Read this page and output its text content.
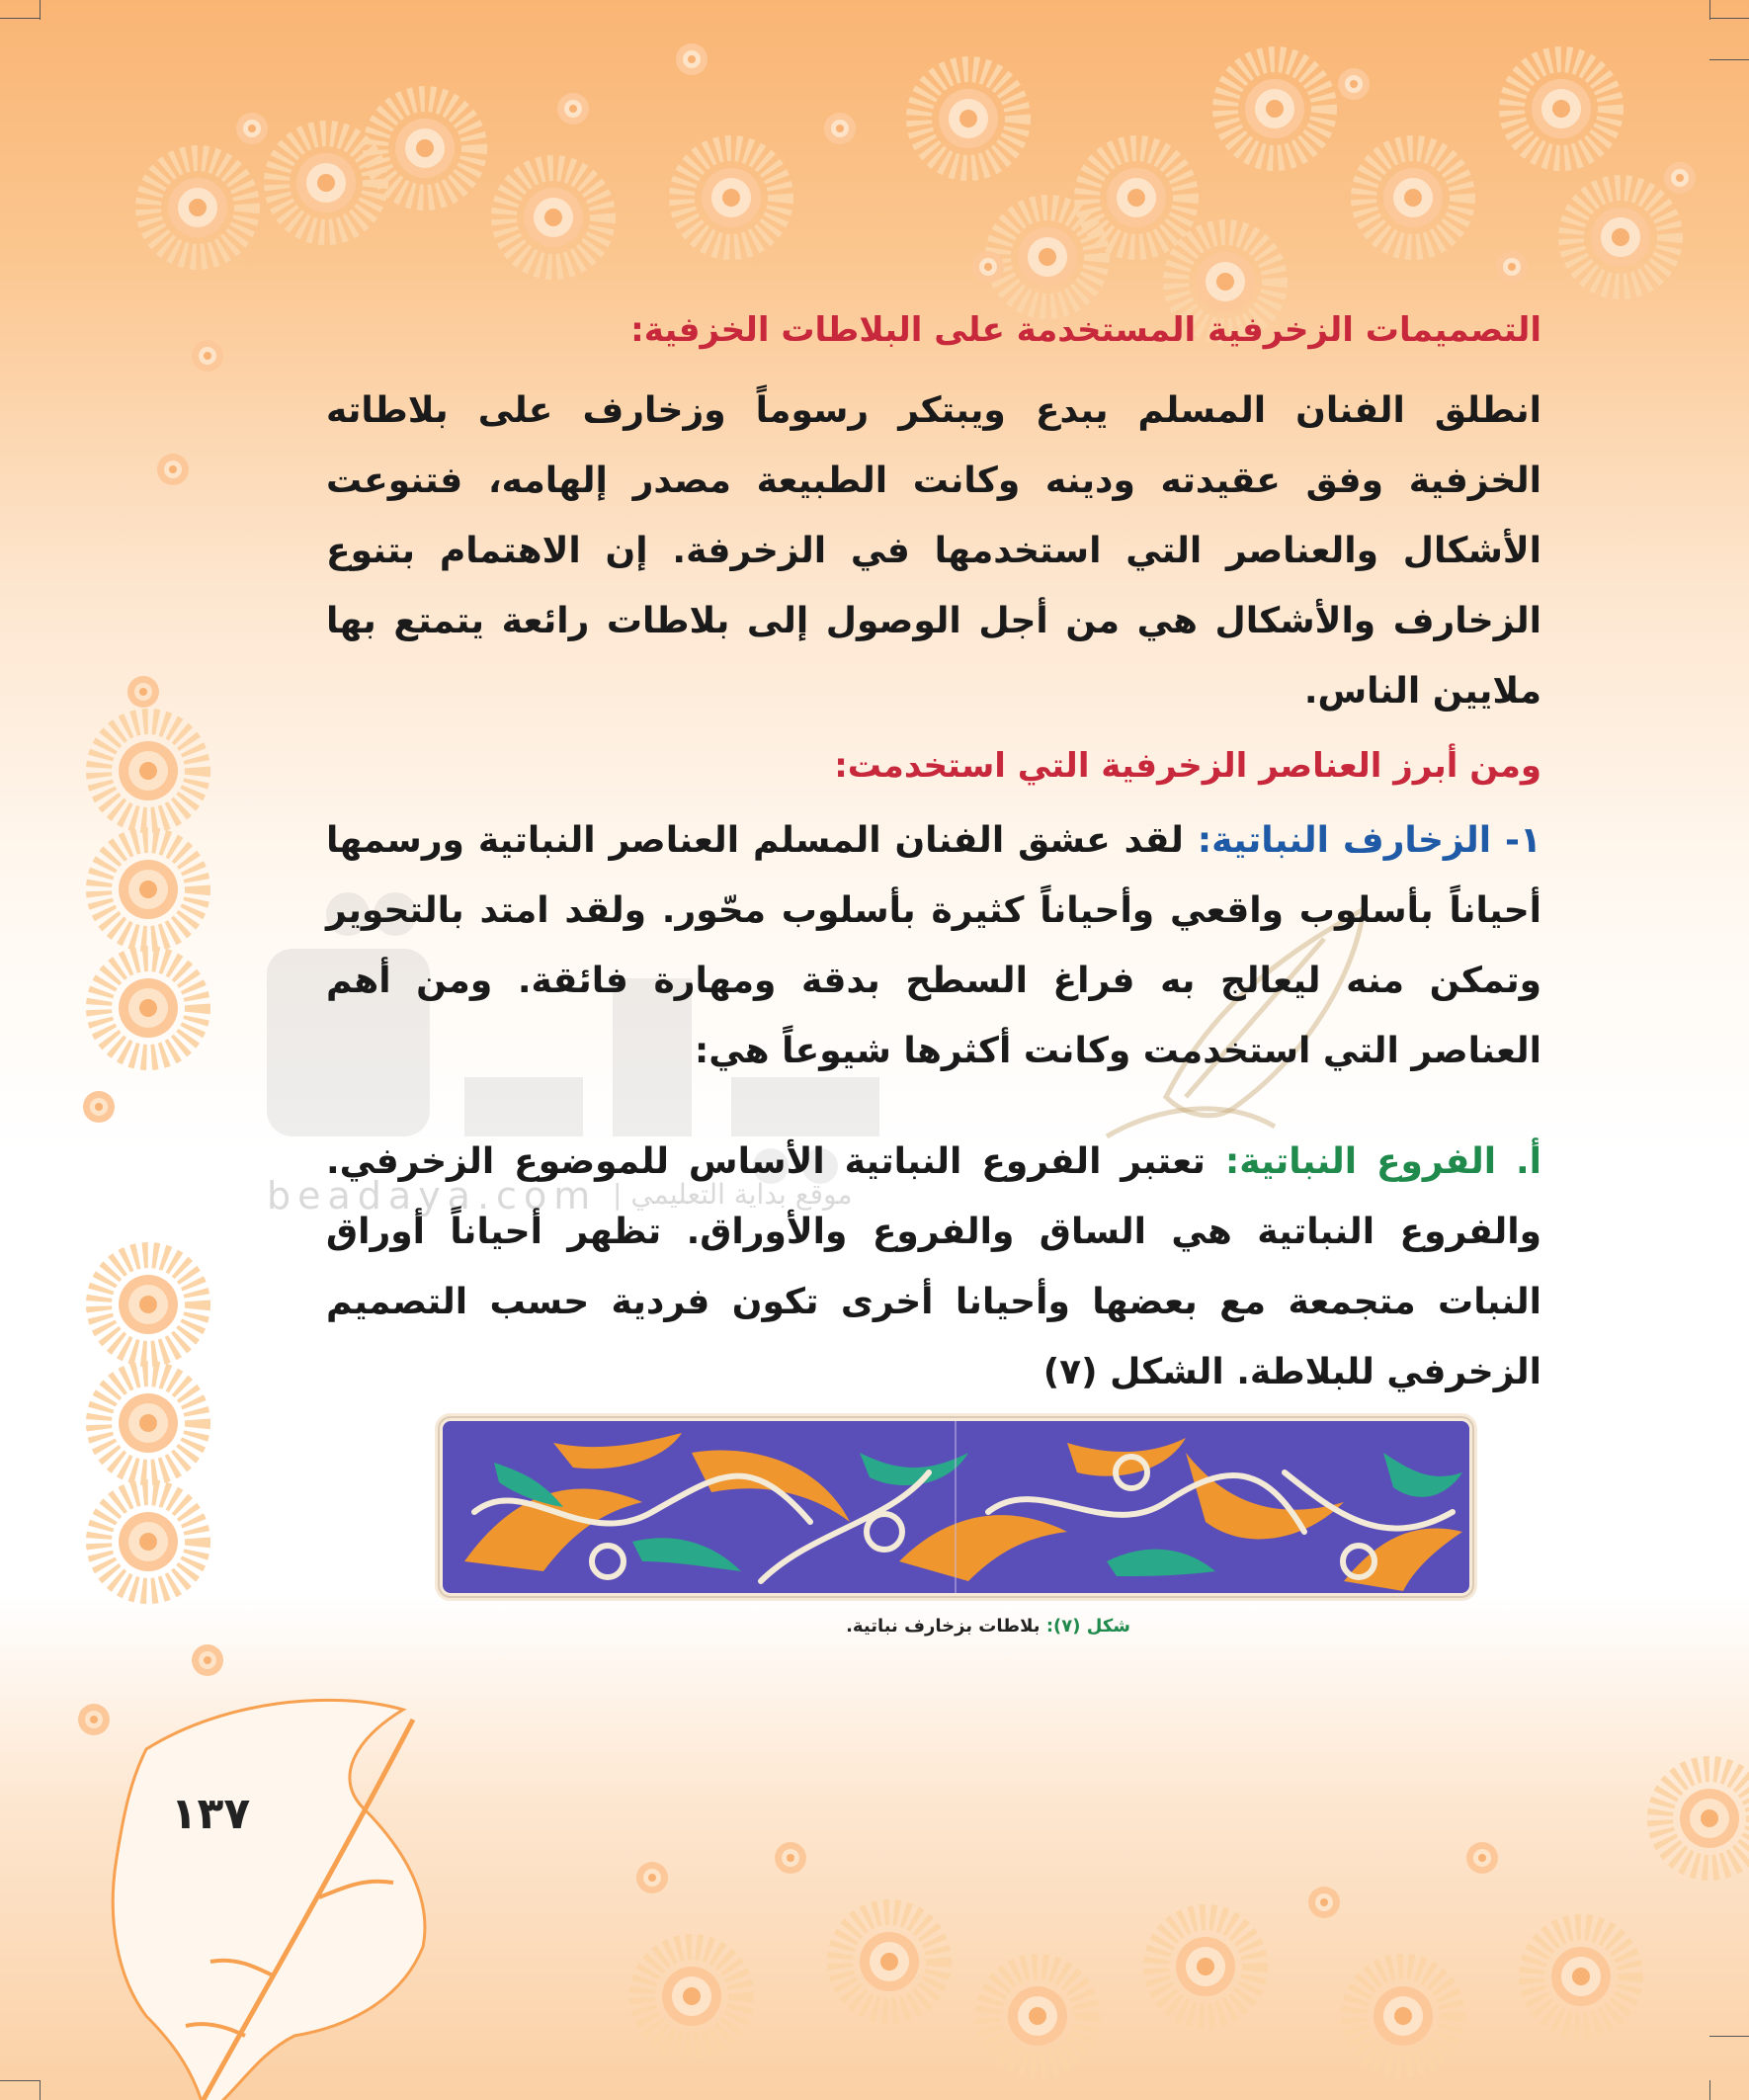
beadaya.com موقع بداية التعليمي |
التصميمات الزخرفية المستخدمة على البلاطات الخزفية:

انطلق الفنان المسلم يبدع ويبتكر رسوماً وزخارف على بلاطاته الخزفية وفق عقيدته ودينه وكانت الطبيعة مصدر إلهامه، فتنوعت الأشكال والعناصر التي استخدمها في الزخرفة. إن الاهتمام بتنوع الزخارف والأشكال هي من أجل الوصول إلى بلاطات رائعة يتمتع بها ملايين الناس.

ومن أبرز العناصر الزخرفية التي استخدمت:

١- الزخارف النباتية: لقد عشق الفنان المسلم العناصر النباتية ورسمها أحياناً بأسلوب واقعي وأحياناً كثيرة بأسلوب محّور. ولقد امتد بالتحوير وتمكن منه ليعالج به فراغ السطح بدقة ومهارة فائقة. ومن أهم العناصر التي استخدمت وكانت أكثرها شيوعاً هي:

أ. الفروع النباتية: تعتبر الفروع النباتية الأساس للموضوع الزخرفي. والفروع النباتية هي الساق والفروع والأوراق. تظهر أحياناً أوراق النبات متجمعة مع بعضها وأحيانا أخرى تكون فردية حسب التصميم الزخرفي للبلاطة. الشكل (٧)

شكل (٧): بلاطات بزخارف نباتية.
١٣٧
